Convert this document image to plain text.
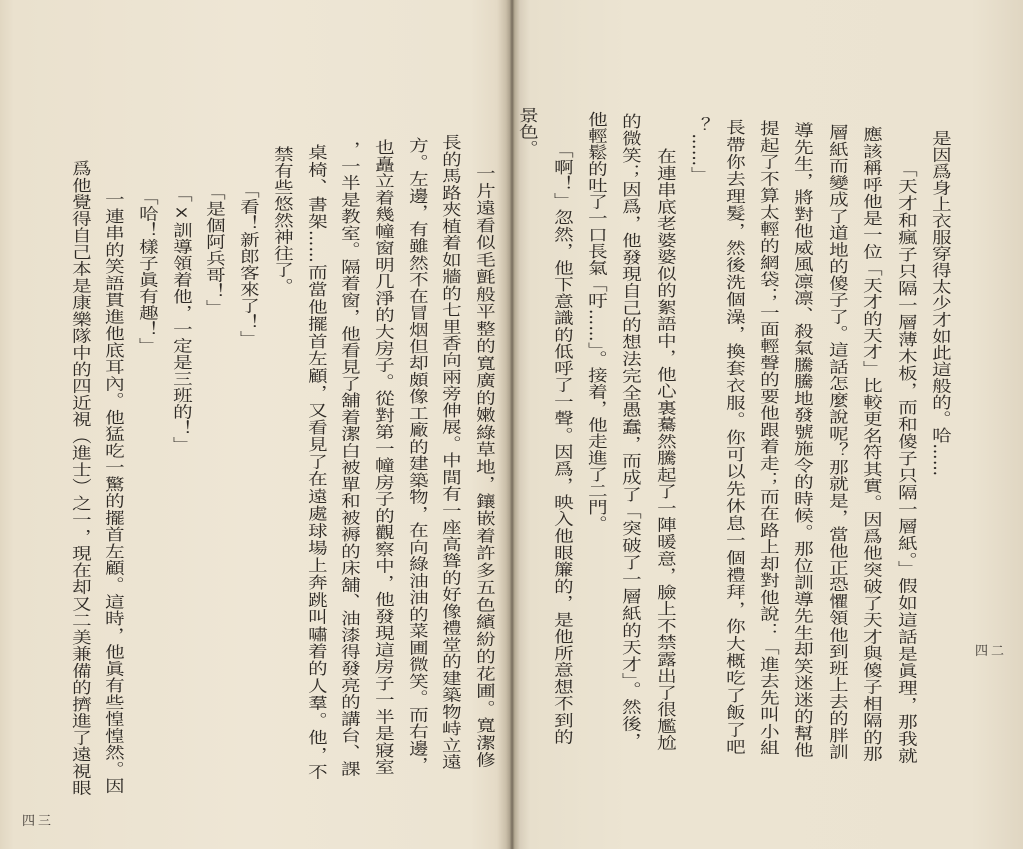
一片遠看似毛氈般平整的寬廣的嫩綠草地，鑲嵌着許多五色繽紛的花圃。寬潔修
長的馬路夾植着如牆的七里香向兩旁伸展。中間有一座高聳的好像禮堂的建築物峙立遠
方。左邊，有雖然不在冒烟但却頗像工廠的建築物，在向綠油油的菜圃微笑。而右邊，
也矗立着幾幢窗明几淨的大房子。從對第一幢房子的觀察中，他發現這房子一半是寢室
，一半是教室。隔着窗，他看見了舖着潔白被單和被褥的床舖、油漆得發亮的講台、課
桌椅、書架……而當他擺首左顧，又看見了在遠處球場上奔跳叫嘯着的人羣。他，不
禁有些悠然神往了。
「看！新郎客來了！」
「是個阿兵哥！」
「×訓導領着他，一定是三班的！」
「哈！樣子眞有趣！」
一連串的笑語貫進他底耳內。他猛吃一驚的擺首左顧。這時，他眞有些惶惶然。因
爲他覺得自己本是康樂隊中的四近視（進士）之一，現在却又二美兼備的擠進了遠視眼
四三
是因爲身上衣服穿得太少才如此這般的。哈……
「天才和瘋子只隔一層薄木板，而和傻子只隔一層紙。」假如這話是眞理，那我就
應該稱呼他是一位「天才的天才」比較更名符其實。因爲他突破了天才與傻子相隔的那
層紙而變成了道地的傻子了。這話怎麼說呢？那就是，當他正恐懼領他到班上去的胖訓
導先生，將對他威風凛凛、殺氣騰騰地發號施令的時候。那位訓導先生却笑迷迷的幫他
提起了不算太輕的網袋；一面輕聲的要他跟着走；而在路上却對他說：「進去先叫小組
長帶你去理髮，然後洗個澡，換套衣服。你可以先休息一個禮拜，你大概吃了飯了吧
？……」
在連串底老婆婆似的絮語中，他心裏驀然騰起了一陣暖意，臉上不禁露出了很尷尬
的微笑；因爲，他發現自己的想法完全愚蠢，而成了「突破了一層紙的天才」。然後，
他輕鬆的吐了一口長氣「吁……」。接着，他走進了二門。
「啊！」忽然，他下意識的低呼了一聲。因爲，映入他眼簾的，是他所意想不到的
景色。
四二
